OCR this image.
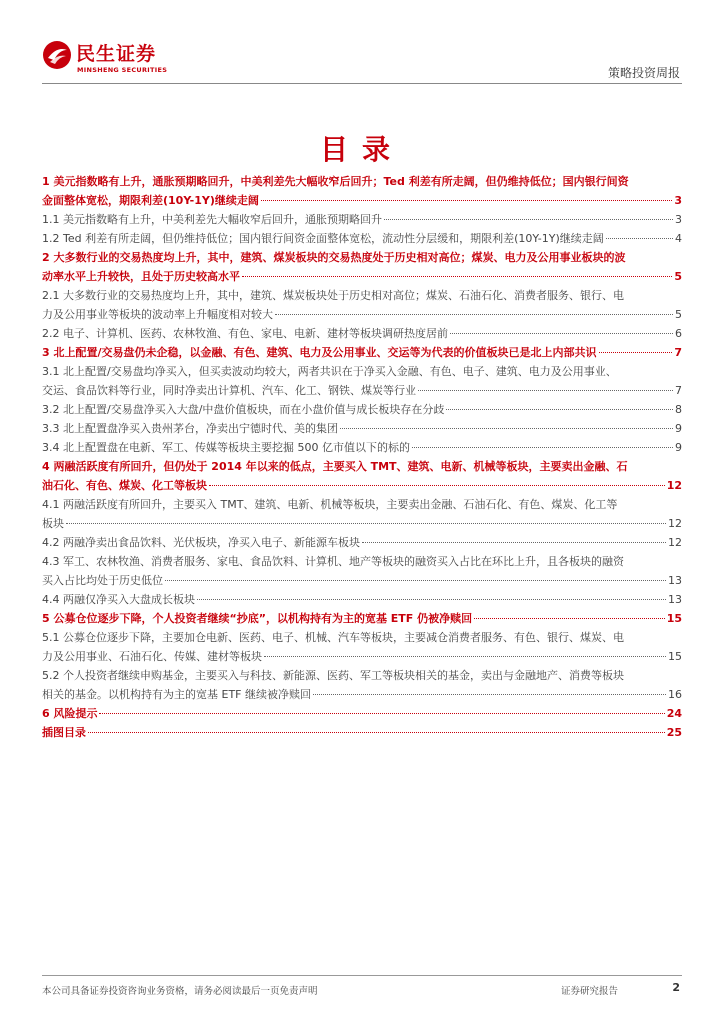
民生证券
MINSHENG SECURITIES	策略投资周报
目录
1 美元指数略有上升，通胀预期略回升，中美利差先大幅收窄后回升；Ted 利差有所走阔，但仍维持低位；国内银行间资
金面整体宽松，期限利差(10Y-1Y)继续走阔	3
1.1 美元指数略有上升，中美利差先大幅收窄后回升，通胀预期略回升	3
1.2 Ted 利差有所走阔，但仍维持低位；国内银行间资金面整体宽松，流动性分层缓和，期限利差(10Y-1Y)继续走阔	4
2 大多数行业的交易热度均上升，其中，建筑、煤炭板块的交易热度处于历史相对高位；煤炭、电力及公用事业板块的波
动率水平上升较快，且处于历史较高水平	5
2.1 大多数行业的交易热度均上升，其中，建筑、煤炭板块处于历史相对高位；煤炭、石油石化、消费者服务、银行、电
力及公用事业等板块的波动率上升幅度相对较大	5
2.2 电子、计算机、医药、农林牧渔、有色、家电、电新、建材等板块调研热度居前	6
3 北上配置/交易盘仍未企稳，以金融、有色、建筑、电力及公用事业、交运等为代表的价值板块已是北上内部共识	7
3.1 北上配置/交易盘均净买入，但买卖波动均较大，两者共识在于净买入金融、有色、电子、建筑、电力及公用事业、
交运、食品饮料等行业，同时净卖出计算机、汽车、化工、钢铁、煤炭等行业	7
3.2 北上配置/交易盘净买入大盘/中盘价值板块，而在小盘价值与成长板块存在分歧	8
3.3 北上配置盘净买入贵州茅台，净卖出宁德时代、美的集团	9
3.4 北上配置盘在电新、军工、传媒等板块主要挖掘 500 亿市值以下的标的	9
4 两融活跃度有所回升，但仍处于 2014 年以来的低点，主要买入 TMT、建筑、电新、机械等板块，主要卖出金融、石
油石化、有色、煤炭、化工等板块	12
4.1 两融活跃度有所回升，主要买入 TMT、建筑、电新、机械等板块，主要卖出金融、石油石化、有色、煤炭、化工等
板块	12
4.2 两融净卖出食品饮料、光伏板块，净买入电子、新能源车板块	12
4.3 军工、农林牧渔、消费者服务、家电、食品饮料、计算机、地产等板块的融资买入占比在环比上升，且各板块的融资
买入占比均处于历史低位	13
4.4 两融仅净买入大盘成长板块	13
5 公募仓位逐步下降，个人投资者继续“抄底”，以机构持有为主的宽基 ETF 仍被净赎回	15
5.1 公募仓位逐步下降，主要加仓电新、医药、电子、机械、汽车等板块，主要减仓消费者服务、有色、银行、煤炭、电
力及公用事业、石油石化、传媒、建材等板块	15
5.2 个人投资者继续申购基金，主要买入与科技、新能源、医药、军工等板块相关的基金，卖出与金融地产、消费等板块
相关的基金。以机构持有为主的宽基 ETF 继续被净赎回	16
6 风险提示	24
插图目录	25
本公司具备证券投资咨询业务资格，请务必阅读最后一页免责声明	证券研究报告	2
